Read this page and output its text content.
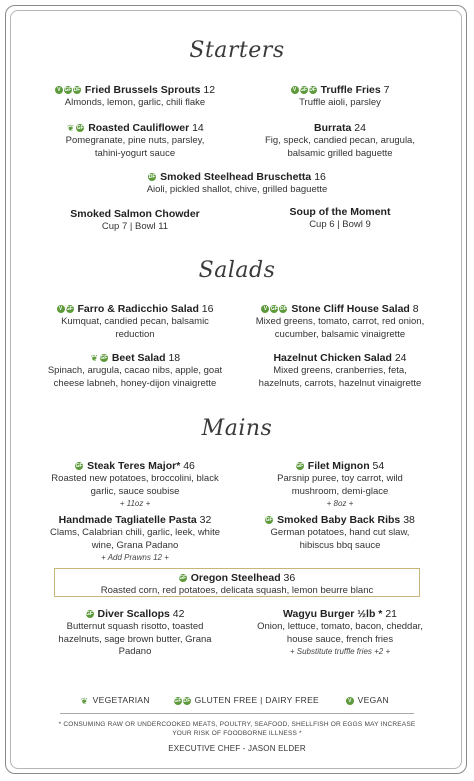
Starters
V GF DF Fried Brussels Sprouts 12
Almonds, lemon, garlic, chili flake
V GF DF Truffle Fries 7
Truffle aioli, parsley
❦ GF Roasted Cauliflower 14
Pomegranate, pine nuts, parsley,
tahini-yogurt sauce
Burrata 24
Fig, speck, candied pecan, arugula,
balsamic grilled baguette
DF Smoked Steelhead Bruschetta 16
Aioli, pickled shallot, chive, grilled baguette
Smoked Salmon Chowder
Cup 7 | Bowl 11
Soup of the Moment
Cup 6 | Bowl 9
Salads
V GF Farro & Radicchio Salad 16
Kumquat, candied pecan, balsamic
reduction
V GF DF Stone Cliff House Salad 8
Mixed greens, tomato, carrot, red onion,
cucumber, balsamic vinaigrette
❦ GF Beet Salad 18
Spinach, arugula, cacao nibs, apple, goat
cheese labneh, honey-dijon vinaigrette
Hazelnut Chicken Salad 24
Mixed greens, cranberries, feta,
hazelnuts, carrots, hazelnut vinaigrette
Mains
GF Steak Teres Major* 46
Roasted new potatoes, broccolini, black
garlic, sauce soubise
+ 11oz +
GF Filet Mignon 54
Parsnip puree, toy carrot, wild
mushroom, demi-glace
+ 8oz +
Handmade Tagliatelle Pasta 32
Clams, Calabrian chili, garlic, leek, white
wine, Grana Padano
+ Add Prawns 12 +
GF Smoked Baby Back Ribs 38
German potatoes, hand cut slaw,
hibiscus bbq sauce
GF Oregon Steelhead 36
Roasted corn, red potatoes, delicata squash, lemon beurre blanc
GF Diver Scallops 42
Butternut squash risotto, toasted
hazelnuts, sage brown butter, Grana
Padano
Wagyu Burger ½lb * 21
Onion, lettuce, tomato, bacon, cheddar,
house sauce, french fries
+ Substitute truffle fries +2 +
❦ VEGETARIAN	GF DF GLUTEN FREE | DAIRY FREE	V VEGAN
* CONSUMING RAW OR UNDERCOOKED MEATS, POULTRY, SEAFOOD, SHELLFISH OR EGGS MAY INCREASE
YOUR RISK OF FOODBORNE ILLNESS *
EXECUTIVE CHEF - JASON ELDER
